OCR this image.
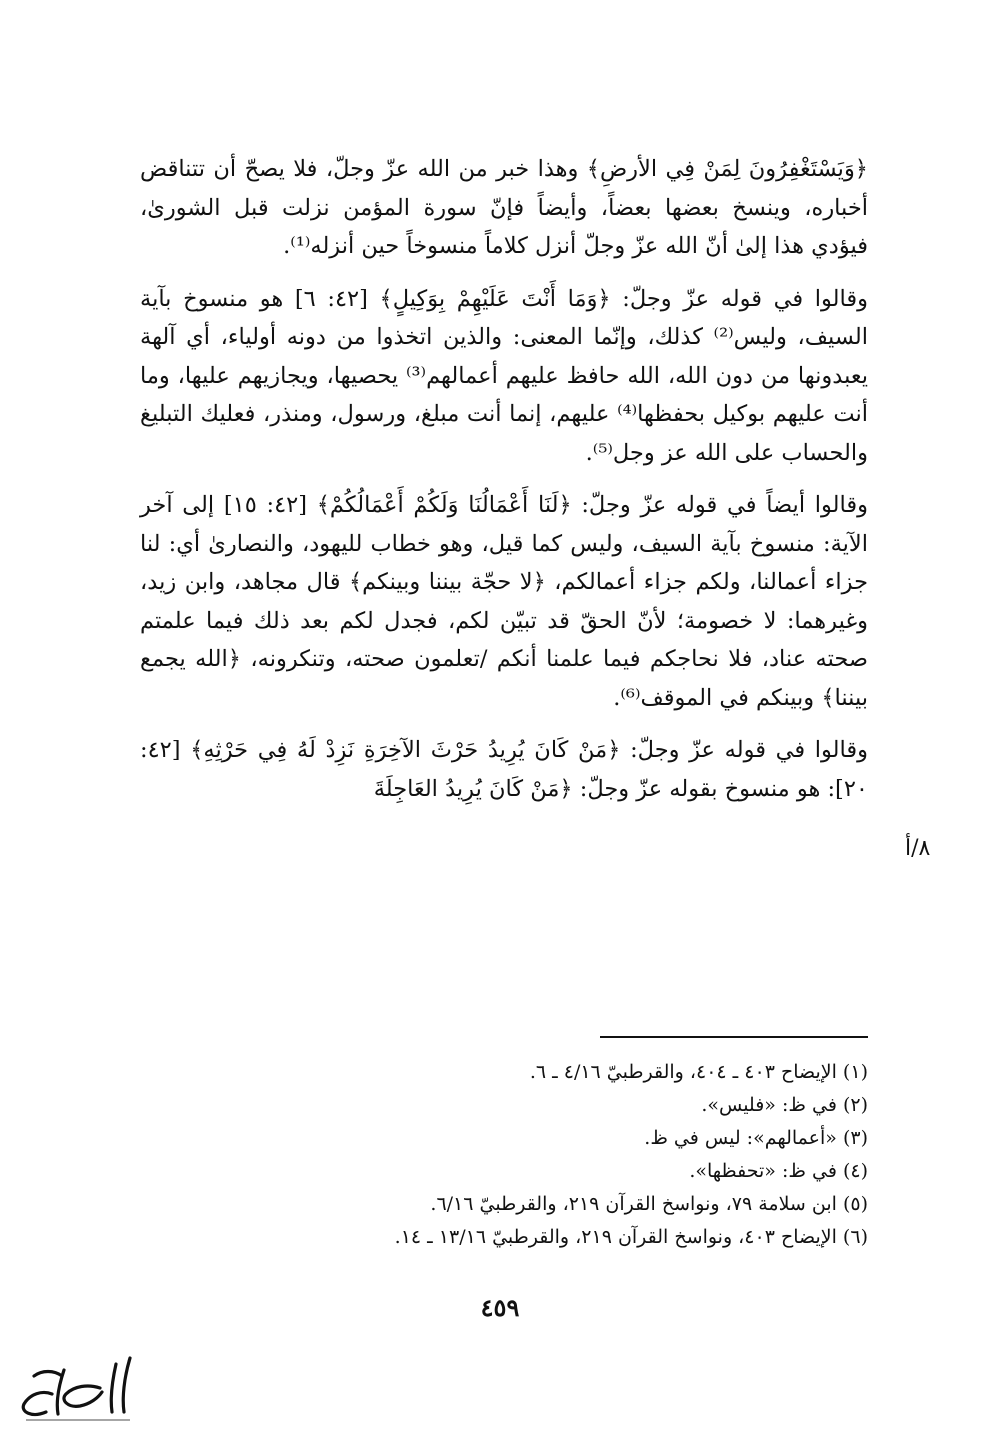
﴿وَيَسْتَغْفِرُونَ لِمَنْ فِي الأرضِ﴾ وهذا خبر من الله عزّ وجلّ، فلا يصحّ أن تتناقض أخباره، وينسخ بعضها بعضاً، وأيضاً فإنّ سورة المؤمن نزلت قبل الشورىٰ، فيؤدي هذا إلىٰ أنّ الله عزّ وجلّ أنزل كلاماً منسوخاً حين أنزله⁽¹⁾.

وقالوا في قوله عزّ وجلّ: ﴿وَمَا أَنْتَ عَلَيْهِمْ بِوَكِيلٍ﴾ [٤٢: ٦] هو منسوخ بآية السيف، وليس⁽²⁾ كذلك، وإنّما المعنى: والذين اتخذوا من دونه أولياء، أي آلهة يعبدونها من دون الله، الله حافظ عليهم أعمالهم⁽³⁾ يحصيها، ويجازيهم عليها، وما أنت عليهم بوكيل بحفظها⁽⁴⁾ عليهم، إنما أنت مبلغ، ورسول، ومنذر، فعليك التبليغ والحساب على الله عز وجل⁽⁵⁾.

وقالوا أيضاً في قوله عزّ وجلّ: ﴿لَنَا أَعْمَالُنَا وَلَكُمْ أَعْمَالُكُمْ﴾ [٤٢: ١٥] إلى آخر الآية: منسوخ بآية السيف، وليس كما قيل، وهو خطاب لليهود، والنصارىٰ أي: لنا جزاء أعمالنا، ولكم جزاء أعمالكم، ﴿لا حجّة بيننا وبينكم﴾ قال مجاهد، وابن زيد، وغيرهما: لا خصومة؛ لأنّ الحقّ قد تبيّن لكم، فجدل لكم بعد ذلك فيما علمتم صحته عناد، فلا نحاجكم فيما علمنا أنكم /تعلمون صحته، وتنكرونه، ﴿الله يجمع بيننا﴾ وبينكم في الموقف⁽⁶⁾.

وقالوا في قوله عزّ وجلّ: ﴿مَنْ كَانَ يُرِيدُ حَرْثَ الآخِرَةِ نَزِدْ لَهُ فِي حَرْثِهِ﴾ [٤٢: ٢٠]: هو منسوخ بقوله عزّ وجلّ: ﴿مَنْ كَانَ يُرِيدُ العَاجِلَةَ

٨/أ

(١) الإيضاح ٤٠٣ ـ ٤٠٤، والقرطبيّ ٤/١٦ ـ ٦.

(٢) في ظ: «فليس».

(٣) «أعمالهم»: ليس في ظ.

(٤) في ظ: «تحفظها».

(٥) ابن سلامة ٧٩، ونواسخ القرآن ٢١٩، والقرطبيّ ٦/١٦.

(٦) الإيضاح ٤٠٣، ونواسخ القرآن ٢١٩، والقرطبيّ ١٣/١٦ ـ ١٤.

٤٥٩
